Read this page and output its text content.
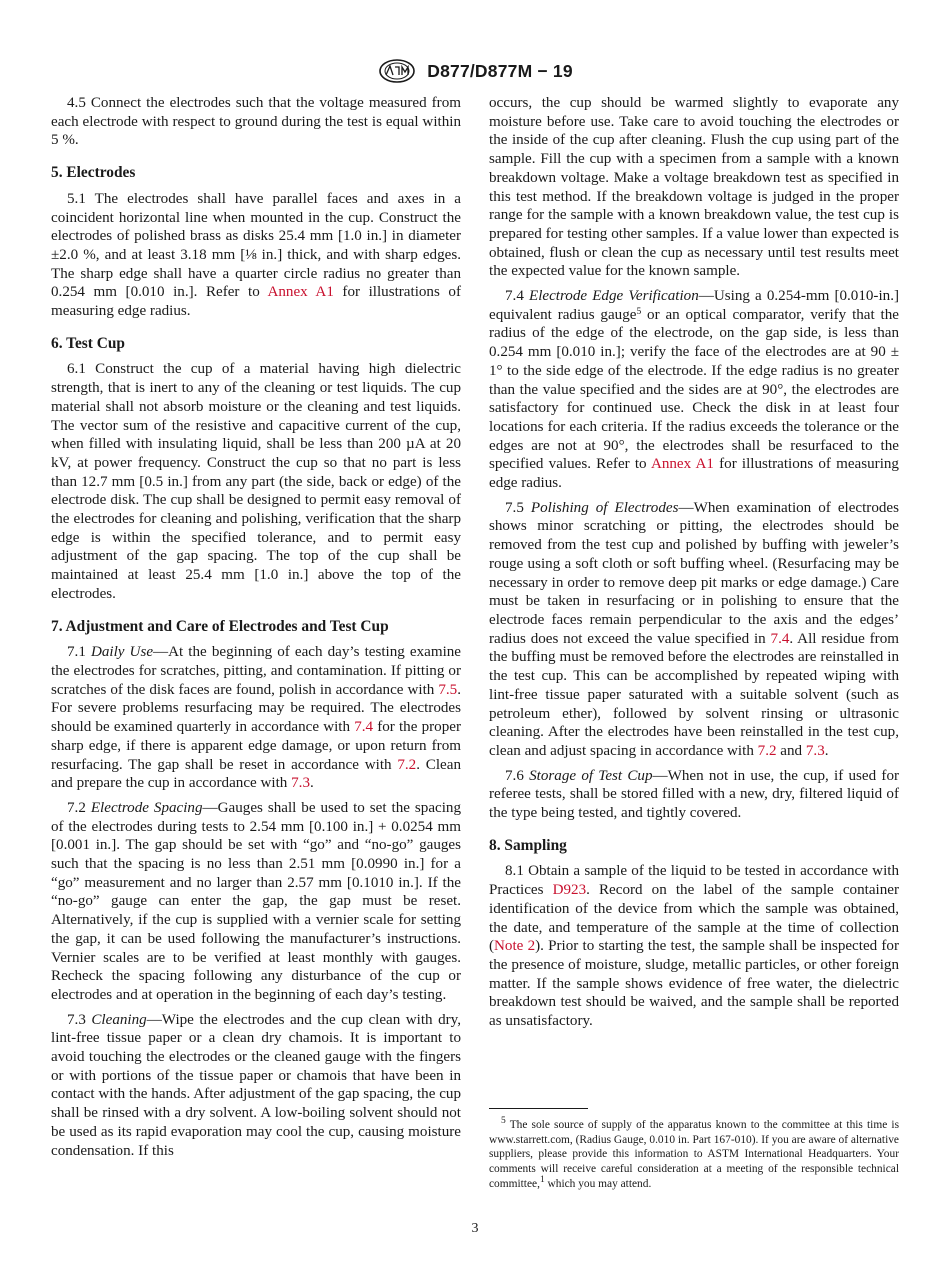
D877/D877M − 19

4.5 Connect the electrodes such that the voltage measured from each electrode with respect to ground during the test is equal within 5 %.

5. Electrodes

5.1 The electrodes shall have parallel faces and axes in a coincident horizontal line when mounted in the cup. Construct the electrodes of polished brass as disks 25.4 mm [1.0 in.] in diameter ±2.0 %, and at least 3.18 mm [⅛ in.] thick, and with sharp edges. The sharp edge shall have a quarter circle radius no greater than 0.254 mm [0.010 in.]. Refer to Annex A1 for illustrations of measuring edge radius.

6. Test Cup

6.1 Construct the cup of a material having high dielectric strength, that is inert to any of the cleaning or test liquids. The cup material shall not absorb moisture or the cleaning and test liquids. The vector sum of the resistive and capacitive current of the cup, when filled with insulating liquid, shall be less than 200 µA at 20 kV, at power frequency. Construct the cup so that no part is less than 12.7 mm [0.5 in.] from any part (the side, back or edge) of the electrode disk. The cup shall be designed to permit easy removal of the electrodes for cleaning and polishing, verification that the sharp edge is within the specified tolerance, and to permit easy adjustment of the gap spacing. The top of the cup shall be maintained at least 25.4 mm [1.0 in.] above the top of the electrodes.

7. Adjustment and Care of Electrodes and Test Cup

7.1 Daily Use—At the beginning of each day’s testing examine the electrodes for scratches, pitting, and contamination. If pitting or scratches of the disk faces are found, polish in accordance with 7.5. For severe problems resurfacing may be required. The electrodes should be examined quarterly in accordance with 7.4 for the proper sharp edge, if there is apparent edge damage, or upon return from resurfacing. The gap shall be reset in accordance with 7.2. Clean and prepare the cup in accordance with 7.3.

7.2 Electrode Spacing—Gauges shall be used to set the spacing of the electrodes during tests to 2.54 mm [0.100 in.] + 0.0254 mm [0.001 in.]. The gap should be set with “go” and “no-go” gauges such that the spacing is no less than 2.51 mm [0.0990 in.] for a “go” measurement and no larger than 2.57 mm [0.1010 in.]. If the “no-go” gauge can enter the gap, the gap must be reset. Alternatively, if the cup is supplied with a vernier scale for setting the gap, it can be used following the manufacturer’s instructions. Vernier scales are to be verified at least monthly with gauges. Recheck the spacing following any disturbance of the cup or electrodes and at operation in the beginning of each day’s testing.

7.3 Cleaning—Wipe the electrodes and the cup clean with dry, lint-free tissue paper or a clean dry chamois. It is important to avoid touching the electrodes or the cleaned gauge with the fingers or with portions of the tissue paper or chamois that have been in contact with the hands. After adjustment of the gap spacing, the cup shall be rinsed with a dry solvent. A low-boiling solvent should not be used as its rapid evaporation may cool the cup, causing moisture condensation. If this

occurs, the cup should be warmed slightly to evaporate any moisture before use. Take care to avoid touching the electrodes or the inside of the cup after cleaning. Flush the cup using part of the sample. Fill the cup with a specimen from a sample with a known breakdown voltage. Make a voltage breakdown test as specified in this test method. If the breakdown voltage is judged in the proper range for the sample with a known breakdown value, the test cup is prepared for testing other samples. If a value lower than expected is obtained, flush or clean the cup as necessary until test results meet the expected value for the known sample.

7.4 Electrode Edge Verification—Using a 0.254-mm [0.010-in.] equivalent radius gauge$^5$ or an optical comparator, verify that the radius of the edge of the electrode, on the gap side, is less than 0.254 mm [0.010 in.]; verify the face of the electrodes are at 90 ± 1° to the side edge of the electrode. If the edge radius is no greater than the value specified and the sides are at 90°, the electrodes are satisfactory for continued use. Check the disk in at least four locations for each criteria. If the radius exceeds the tolerance or the edges are not at 90°, the electrodes shall be resurfaced to the specified values. Refer to Annex A1 for illustrations of measuring edge radius.

7.5 Polishing of Electrodes—When examination of electrodes shows minor scratching or pitting, the electrodes should be removed from the test cup and polished by buffing with jeweler’s rouge using a soft cloth or soft buffing wheel. (Resurfacing may be necessary in order to remove deep pit marks or edge damage.) Care must be taken in resurfacing or in polishing to ensure that the electrode faces remain perpendicular to the axis and the edges’ radius does not exceed the value specified in 7.4. All residue from the buffing must be removed before the electrodes are reinstalled in the test cup. This can be accomplished by repeated wiping with lint-free tissue paper saturated with a suitable solvent (such as petroleum ether), followed by solvent rinsing or ultrasonic cleaning. After the electrodes have been reinstalled in the test cup, clean and adjust spacing in accordance with 7.2 and 7.3.

7.6 Storage of Test Cup—When not in use, the cup, if used for referee tests, shall be stored filled with a new, dry, filtered liquid of the type being tested, and tightly covered.

8. Sampling

8.1 Obtain a sample of the liquid to be tested in accordance with Practices D923. Record on the label of the sample container identification of the device from which the sample was obtained, the date, and temperature of the sample at the time of collection (Note 2). Prior to starting the test, the sample shall be inspected for the presence of moisture, sludge, metallic particles, or other foreign matter. If the sample shows evidence of free water, the dielectric breakdown test should be waived, and the sample shall be reported as unsatisfactory.

$^5$ The sole source of supply of the apparatus known to the committee at this time is www.starrett.com, (Radius Gauge, 0.010 in. Part 167-010). If you are aware of alternative suppliers, please provide this information to ASTM International Headquarters. Your comments will receive careful consideration at a meeting of the responsible technical committee,$^1$ which you may attend.

3
